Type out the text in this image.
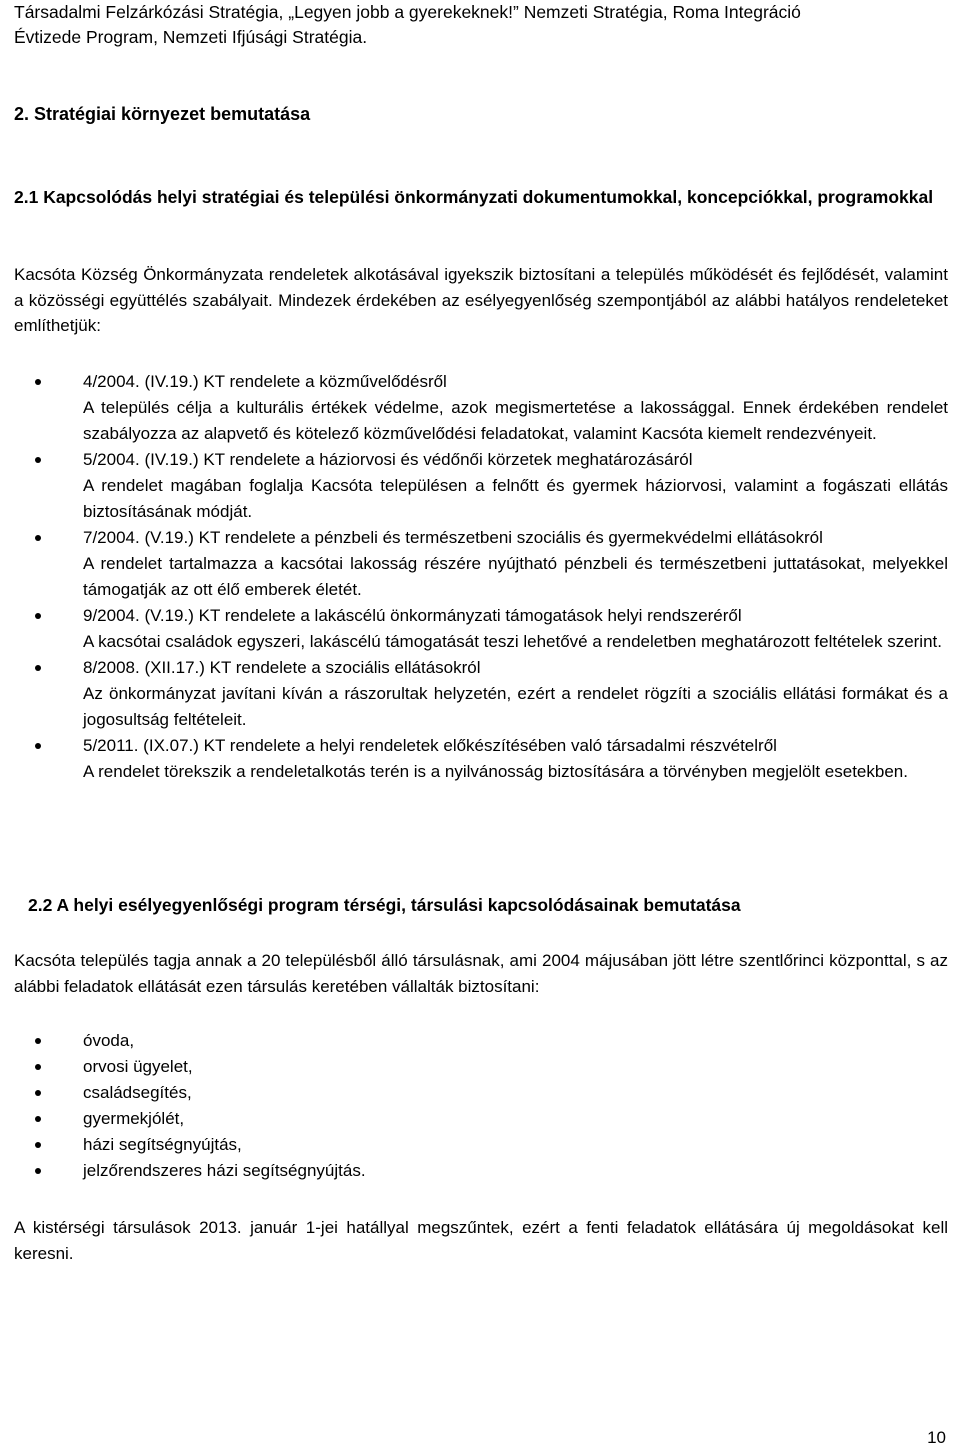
Társadalmi Felzárkózási Stratégia, „Legyen jobb a gyerekeknek!” Nemzeti Stratégia, Roma Integráció
Évtizede Program, Nemzeti Ifjúsági Stratégia.
2. Stratégiai környezet bemutatása
2.1 Kapcsolódás helyi stratégiai és települési önkormányzati dokumentumokkal, koncepciókkal, programokkal
Kacsóta Község Önkormányzata rendeletek alkotásával igyekszik biztosítani a település működését és fejlődését, valamint a közösségi együttélés szabályait. Mindezek érdekében az esélyegyenlőség szempontjából az alábbi hatályos rendeleteket említhetjük:
4/2004. (IV.19.) KT rendelete a közművelődésről
A település célja a kulturális értékek védelme, azok megismertetése a lakossággal. Ennek érdekében rendelet szabályozza az alapvető és kötelező közművelődési feladatokat, valamint Kacsóta kiemelt rendezvényeit.
5/2004. (IV.19.) KT rendelete a háziorvosi és védőnői körzetek meghatározásáról
A rendelet magában foglalja Kacsóta településen a felnőtt és gyermek háziorvosi, valamint a fogászati ellátás biztosításának módját.
7/2004. (V.19.) KT rendelete a pénzbeli és természetbeni szociális és gyermekvédelmi ellátásokról
A rendelet tartalmazza a kacsótai lakosság részére nyújtható pénzbeli és természetbeni juttatásokat, melyekkel támogatják az ott élő emberek életét.
9/2004. (V.19.) KT rendelete a lakáscélú önkormányzati támogatások helyi rendszeréről
A kacsótai családok egyszeri, lakáscélú támogatását teszi lehetővé a rendeletben meghatározott feltételek szerint.
8/2008. (XII.17.) KT rendelete a szociális ellátásokról
Az önkormányzat javítani kíván a rászorultak helyzetén, ezért a rendelet rögzíti a szociális ellátási formákat és a jogosultság feltételeit.
5/2011. (IX.07.) KT rendelete a helyi rendeletek előkészítésében való társadalmi részvételről
A rendelet törekszik a rendeletalkotás terén is a nyilvánosság biztosítására a törvényben megjelölt esetekben.
2.2 A helyi esélyegyenlőségi program térségi, társulási kapcsolódásainak bemutatása
Kacsóta település tagja annak a 20 településből álló társulásnak, ami 2004 májusában jött létre szentlőrinci központtal, s az alábbi feladatok ellátását ezen társulás keretében vállalták biztosítani:
óvoda,
orvosi ügyelet,
családsegítés,
gyermekjólét,
házi segítségnyújtás,
jelzőrendszeres házi segítségnyújtás.
A kistérségi társulások 2013. január 1-jei hatállyal megszűntek, ezért a fenti feladatok ellátására új megoldásokat kell keresni.
10
